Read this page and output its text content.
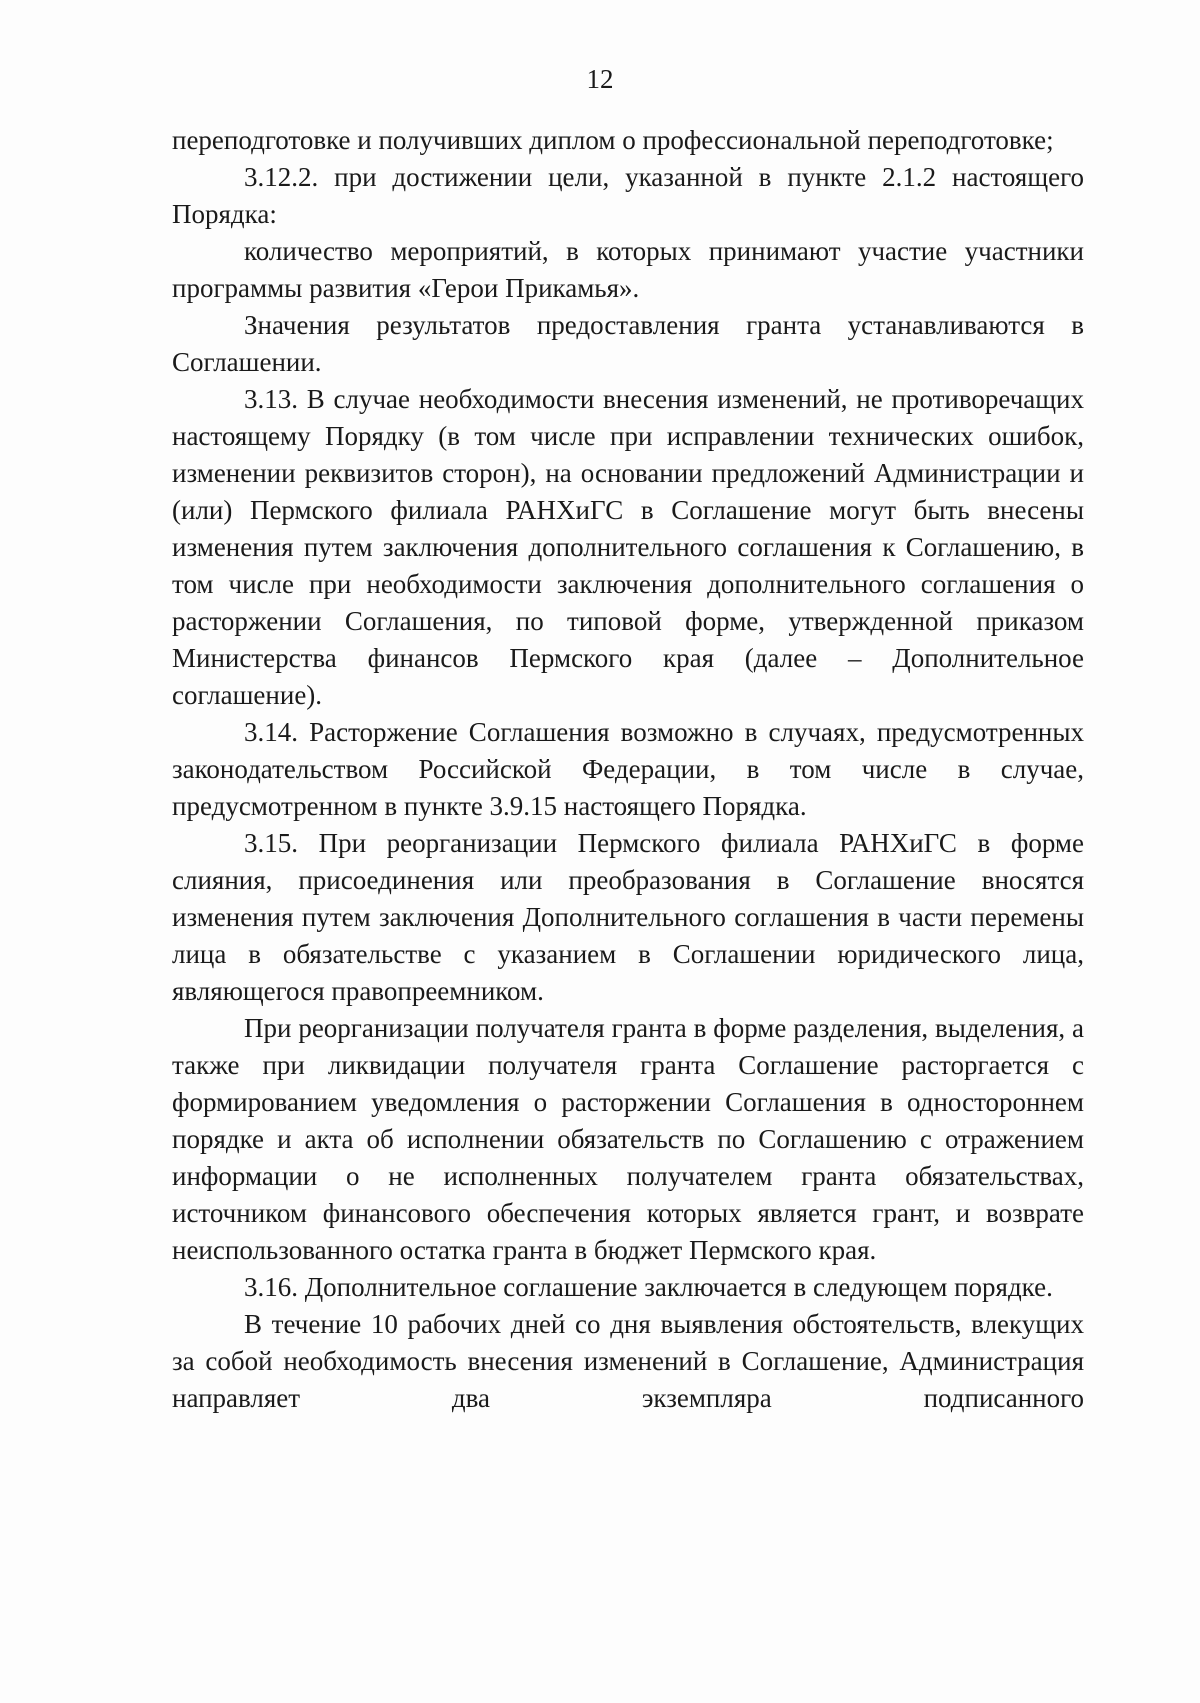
12

переподготовке и получивших диплом о профессиональной переподготовке;

3.12.2. при достижении цели, указанной в пункте 2.1.2 настоящего Порядка:

количество мероприятий, в которых принимают участие участники программы развития «Герои Прикамья».

Значения результатов предоставления гранта устанавливаются в Соглашении.

3.13. В случае необходимости внесения изменений, не противоречащих настоящему Порядку (в том числе при исправлении технических ошибок, изменении реквизитов сторон), на основании предложений Администрации и (или) Пермского филиала РАНХиГС в Соглашение могут быть внесены изменения путем заключения дополнительного соглашения к Соглашению, в том числе при необходимости заключения дополнительного соглашения о расторжении Соглашения, по типовой форме, утвержденной приказом Министерства финансов Пермского края (далее – Дополнительное соглашение).

3.14. Расторжение Соглашения возможно в случаях, предусмотренных законодательством Российской Федерации, в том числе в случае, предусмотренном в пункте 3.9.15 настоящего Порядка.

3.15. При реорганизации Пермского филиала РАНХиГС в форме слияния, присоединения или преобразования в Соглашение вносятся изменения путем заключения Дополнительного соглашения в части перемены лица в обязательстве с указанием в Соглашении юридического лица, являющегося правопреемником.

При реорганизации получателя гранта в форме разделения, выделения, а также при ликвидации получателя гранта Соглашение расторгается с формированием уведомления о расторжении Соглашения в одностороннем порядке и акта об исполнении обязательств по Соглашению с отражением информации о не исполненных получателем гранта обязательствах, источником финансового обеспечения которых является грант, и возврате неиспользованного остатка гранта в бюджет Пермского края.

3.16. Дополнительное соглашение заключается в следующем порядке.

В течение 10 рабочих дней со дня выявления обстоятельств, влекущих за собой необходимость внесения изменений в Соглашение, Администрация направляет два экземпляра подписанного
